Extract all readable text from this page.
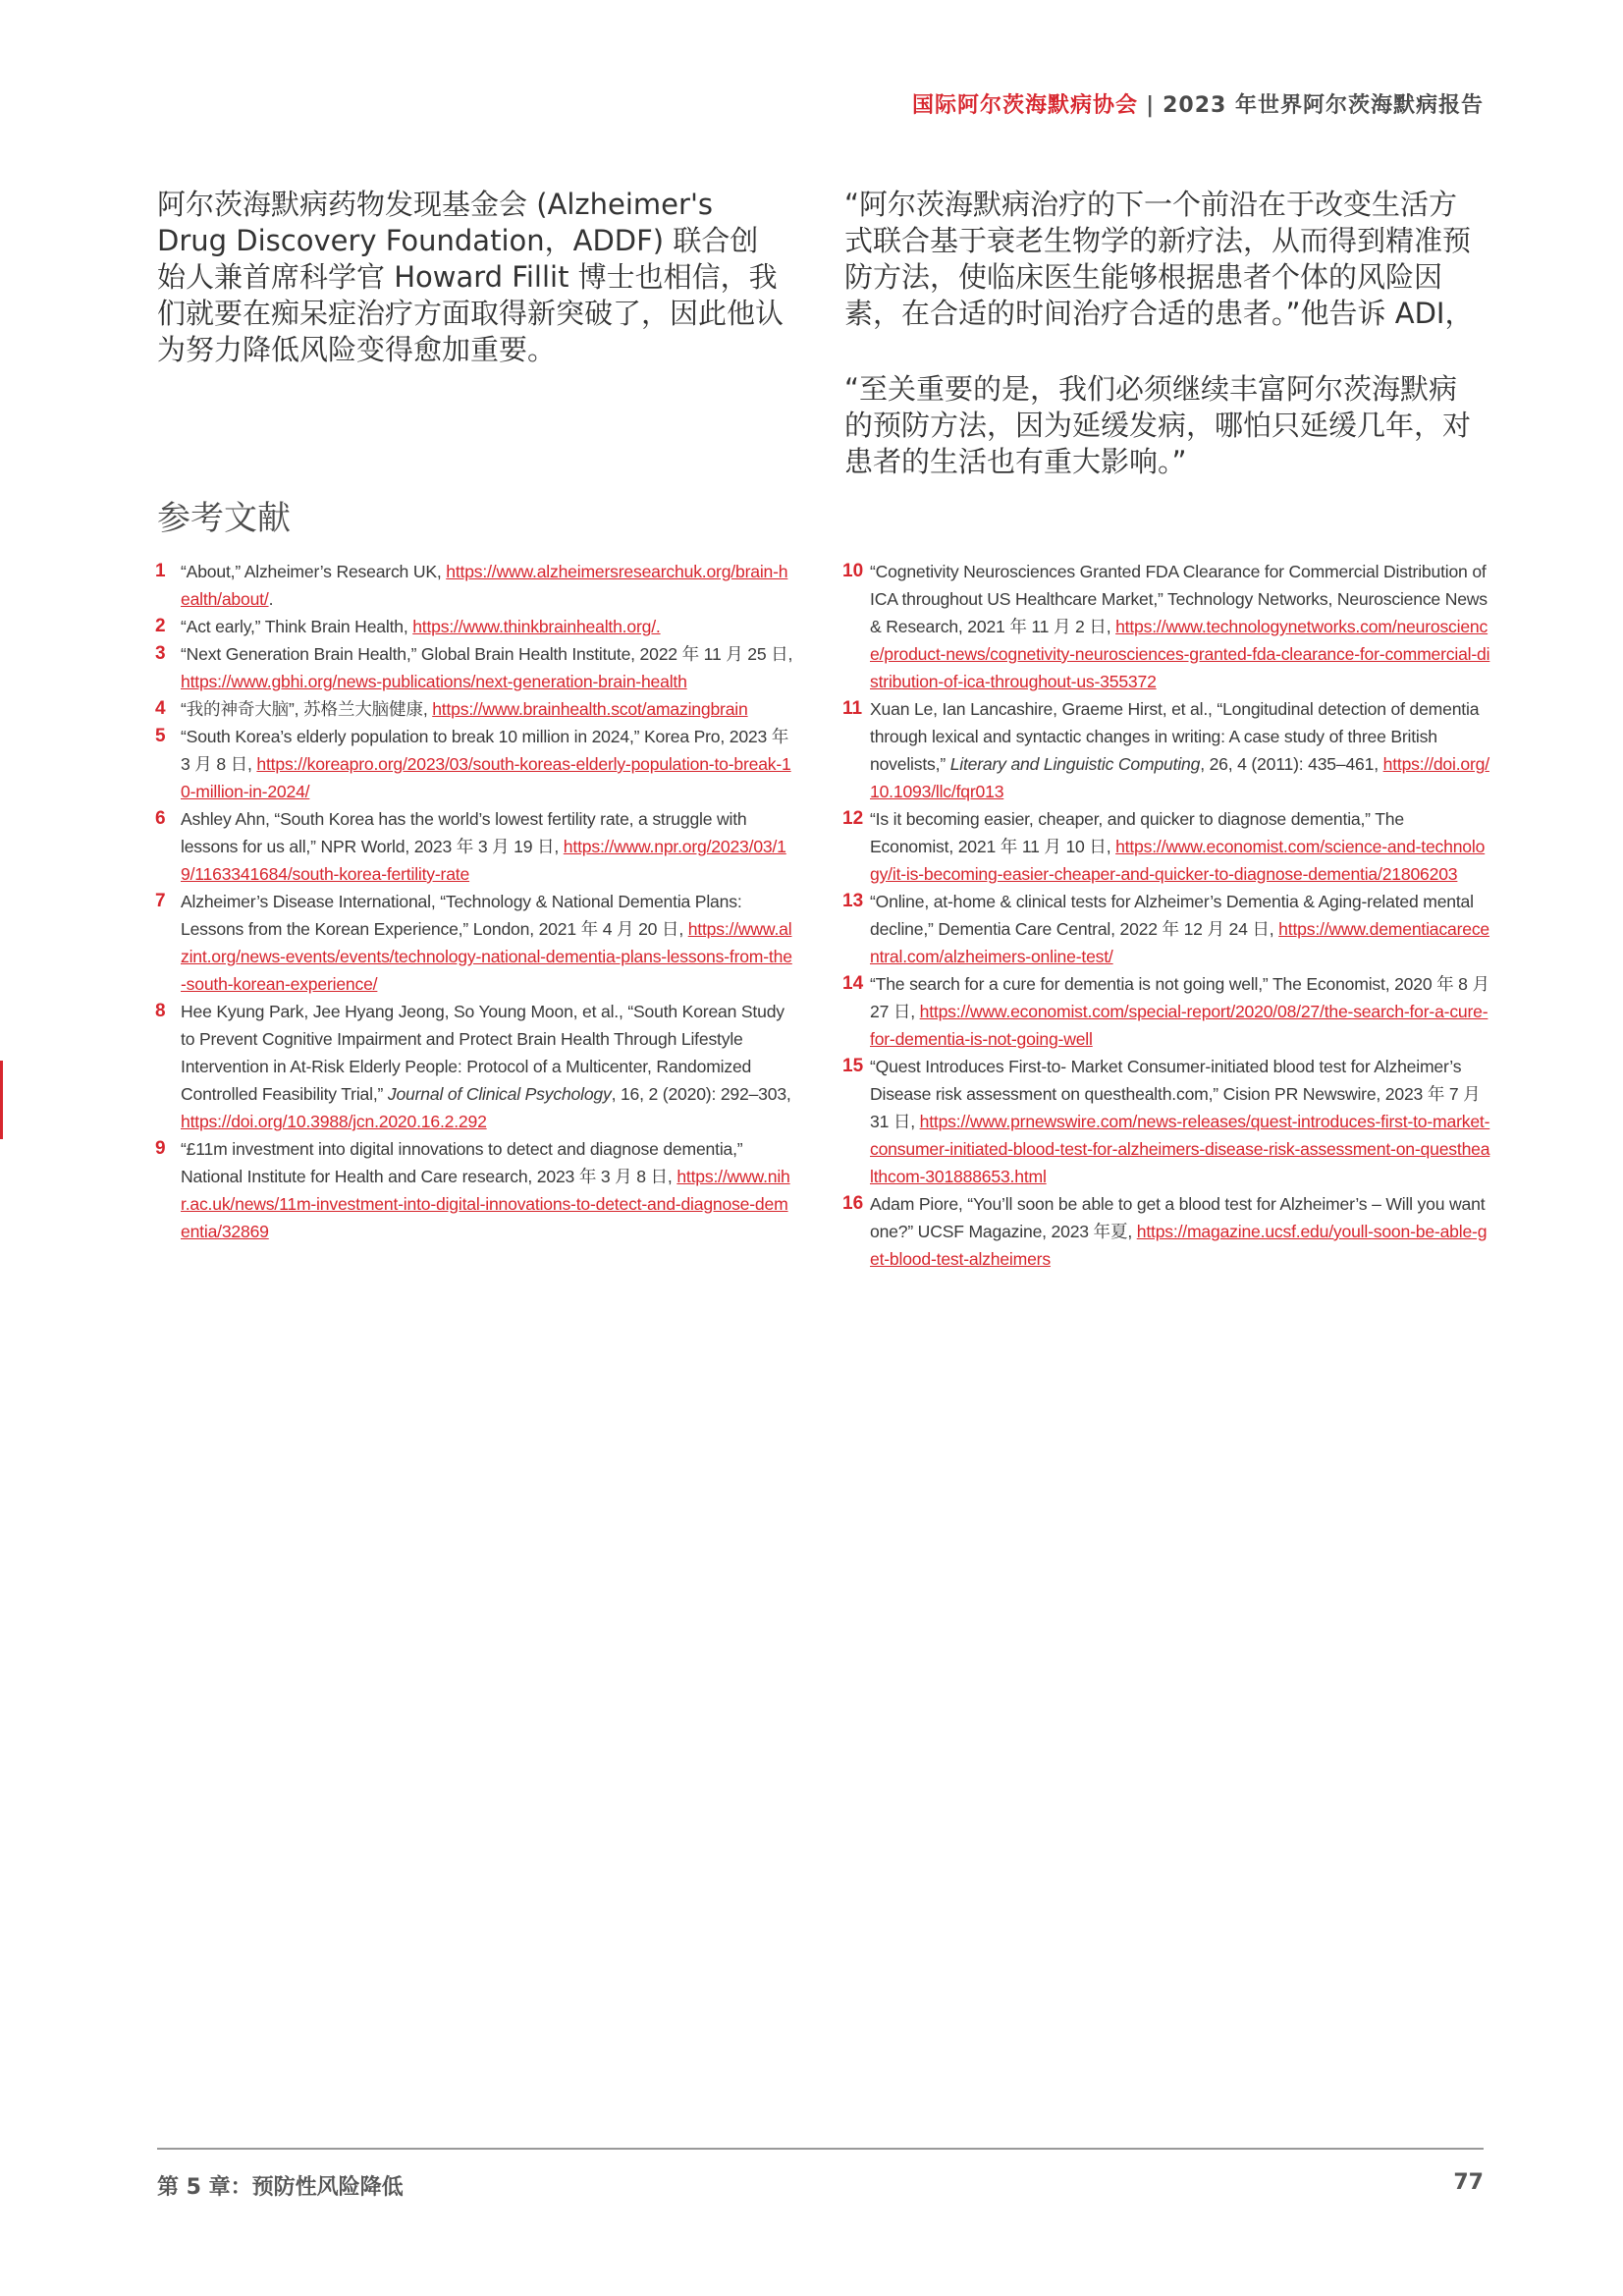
国际阿尔茨海默病协会 | 2023 年世界阿尔茨海默病报告

阿尔茨海默病药物发现基金会 (Alzheimer's Drug Discovery Foundation，ADDF) 联合创始人兼首席科学官 Howard Fillit 博士也相信，我们就要在痴呆症治疗方面取得新突破了，因此他认为努力降低风险变得愈加重要。

“阿尔茨海默病治疗的下一个前沿在于改变生活方式联合基于衰老生物学的新疗法，从而得到精准预防方法，使临床医生能够根据患者个体的风险因素，在合适的时间治疗合适的患者。”他告诉 ADI，

“至关重要的是，我们必须继续丰富阿尔茨海默病的预防方法，因为延缓发病，哪怕只延缓几年，对患者的生活也有重大影响。”

参考文献
1 “About,” Alzheimer’s Research UK, https://www.alzheimersresearchuk.org/brain-health/about/.
2 “Act early,” Think Brain Health, https://www.thinkbrainhealth.org/.
3 “Next Generation Brain Health,” Global Brain Health Institute, 2022 年 11 月 25 日, https://www.gbhi.org/news-publications/next-generation-brain-health
4 “我的神奇大脑”, 苏格兰大脑健康, https://www.brainhealth.scot/amazingbrain
5 “South Korea’s elderly population to break 10 million in 2024,” Korea Pro, 2023 年 3 月 8 日, https://koreapro.org/2023/03/south-koreas-elderly-population-to-break-10-million-in-2024/
6 Ashley Ahn, “South Korea has the world’s lowest fertility rate, a struggle with lessons for us all,” NPR World, 2023 年 3 月 19 日, https://www.npr.org/2023/03/19/1163341684/south-korea-fertility-rate
7 Alzheimer’s Disease International, “Technology & National Dementia Plans: Lessons from the Korean Experience,” London, 2021 年 4 月 20 日, https://www.alzint.org/news-events/events/technology-national-dementia-plans-lessons-from-the-south-korean-experience/
8 Hee Kyung Park, Jee Hyang Jeong, So Young Moon, et al., “South Korean Study to Prevent Cognitive Impairment and Protect Brain Health Through Lifestyle Intervention in At-Risk Elderly People: Protocol of a Multicenter, Randomized Controlled Feasibility Trial,” Journal of Clinical Psychology, 16, 2 (2020): 292–303, https://doi.org/10.3988/jcn.2020.16.2.292
9 “£11m investment into digital innovations to detect and diagnose dementia,” National Institute for Health and Care research, 2023 年 3 月 8 日, https://www.nihr.ac.uk/news/11m-investment-into-digital-innovations-to-detect-and-diagnose-dementia/32869
10 “Cognetivity Neurosciences Granted FDA Clearance for Commercial Distribution of ICA throughout US Healthcare Market,” Technology Networks, Neuroscience News & Research, 2021 年 11 月 2 日, https://www.technologynetworks.com/neuroscience/product-news/cognetivity-neurosciences-granted-fda-clearance-for-commercial-distribution-of-ica-throughout-us-355372
11 Xuan Le, Ian Lancashire, Graeme Hirst, et al., “Longitudinal detection of dementia through lexical and syntactic changes in writing: A case study of three British novelists,” Literary and Linguistic Computing, 26, 4 (2011): 435–461, https://doi.org/10.1093/llc/fqr013
12 “Is it becoming easier, cheaper, and quicker to diagnose dementia,” The Economist, 2021 年 11 月 10 日, https://www.economist.com/science-and-technology/it-is-becoming-easier-cheaper-and-quicker-to-diagnose-dementia/21806203
13 “Online, at-home & clinical tests for Alzheimer’s Dementia & Aging-related mental decline,” Dementia Care Central, 2022 年 12 月 24 日, https://www.dementiacarecentral.com/alzheimers-online-test/
14 “The search for a cure for dementia is not going well,” The Economist, 2020 年 8 月 27 日, https://www.economist.com/special-report/2020/08/27/the-search-for-a-cure-for-dementia-is-not-going-well
15 “Quest Introduces First-to- Market Consumer-initiated blood test for Alzheimer’s Disease risk assessment on questhealth.com,” Cision PR Newswire, 2023 年 7 月 31 日, https://www.prnewswire.com/news-releases/quest-introduces-first-to-market-consumer-initiated-blood-test-for-alzheimers-disease-risk-assessment-on-questhealthcom-301888653.html
16 Adam Piore, “You’ll soon be able to get a blood test for Alzheimer’s – Will you want one?” UCSF Magazine, 2023 年夏, https://magazine.ucsf.edu/youll-soon-be-able-get-blood-test-alzheimers
第 5 章：预防性风险降低	77
